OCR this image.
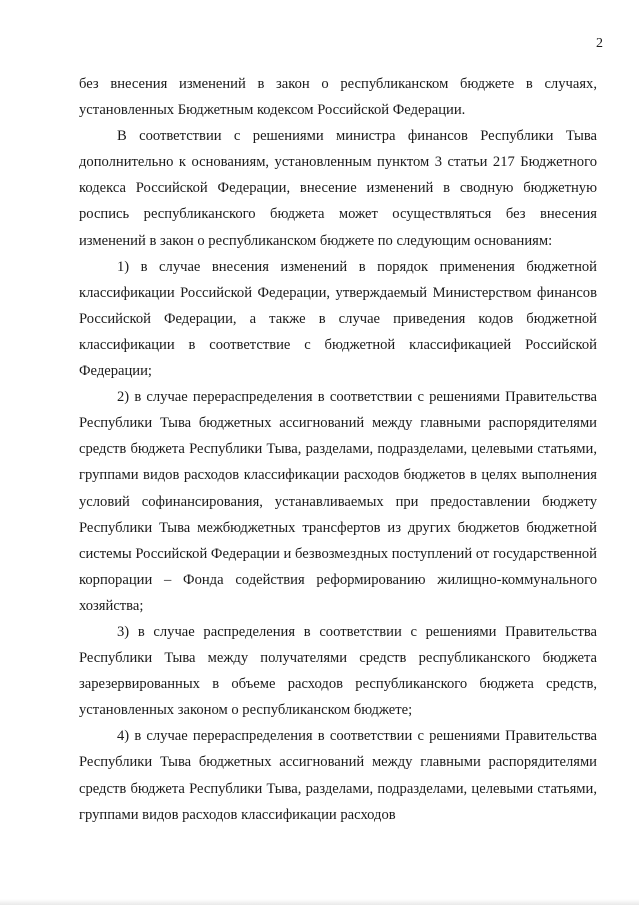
2

без внесения изменений в закон о республиканском бюджете в случаях, установленных Бюджетным кодексом Российской Федерации.

В соответствии с решениями министра финансов Республики Тыва дополнительно к основаниям, установленным пунктом 3 статьи 217 Бюджетного кодекса Российской Федерации, внесение изменений в сводную бюджетную роспись республиканского бюджета может осуществляться без внесения изменений в закон о республиканском бюджете по следующим основаниям:

1) в случае внесения изменений в порядок применения бюджетной классификации Российской Федерации, утверждаемый Министерством финансов Российской Федерации, а также в случае приведения кодов бюджетной классификации в соответствие с бюджетной классификацией Российской Федерации;

2) в случае перераспределения в соответствии с решениями Правительства Республики Тыва бюджетных ассигнований между главными распорядителями средств бюджета Республики Тыва, разделами, подразделами, целевыми статьями, группами видов расходов классификации расходов бюджетов в целях выполнения условий софинансирования, устанавливаемых при предоставлении бюджету Республики Тыва межбюджетных трансфертов из других бюджетов бюджетной системы Российской Федерации и безвозмездных поступлений от государственной корпорации – Фонда содействия реформированию жилищно-коммунального хозяйства;

3) в случае распределения в соответствии с решениями Правительства Республики Тыва между получателями средств республиканского бюджета зарезервированных в объеме расходов республиканского бюджета средств, установленных законом о республиканском бюджете;

4) в случае перераспределения в соответствии с решениями Правительства Республики Тыва бюджетных ассигнований между главными распорядителями средств бюджета Республики Тыва, разделами, подразделами, целевыми статьями, группами видов расходов классификации расходов
